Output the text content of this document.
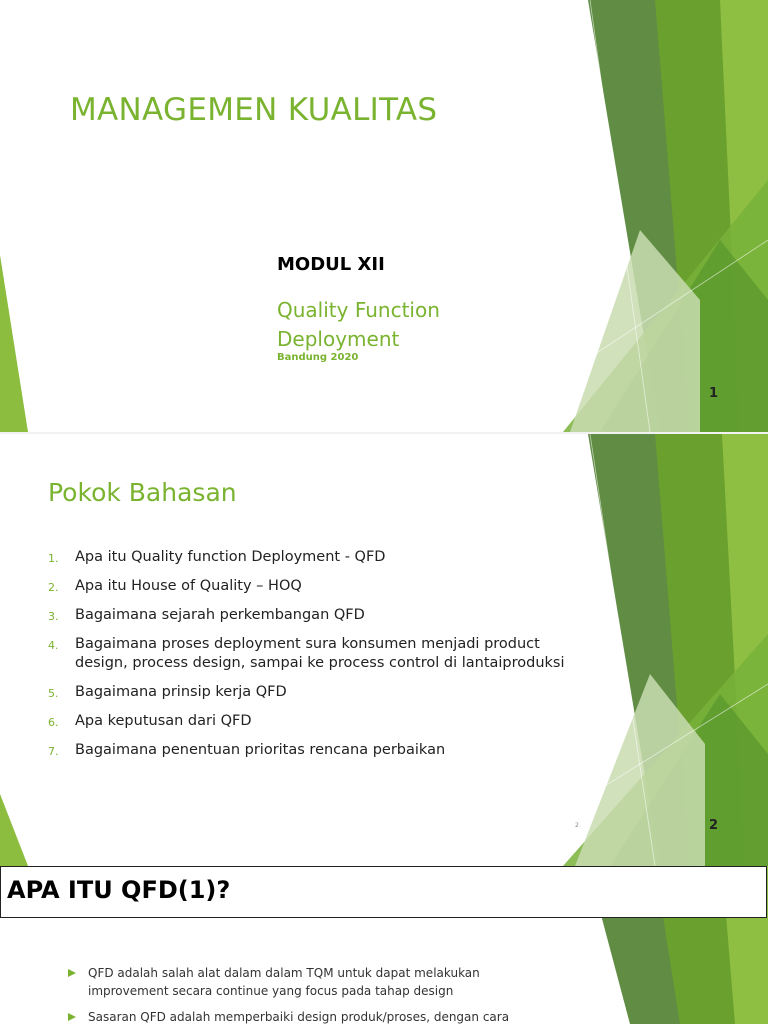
MANAGEMEN KUALITAS
MODUL XII
Quality Function
Deployment
Bandung 2020
1
Pokok Bahasan
Apa itu Quality function Deployment - QFD
Apa itu House of Quality – HOQ
Bagaimana sejarah perkembangan QFD
Bagaimana proses deployment sura konsumen menjadi product design, process design, sampai ke process control di lantaiproduksi
Bagaimana prinsip kerja QFD
Apa keputusan dari QFD
Bagaimana penentuan prioritas rencana perbaikan
2	2
APA ITU QFD(1)?
QFD adalah salah alat dalam dalam TQM untuk dapat melakukan improvement secara continue yang focus pada tahap design
Sasaran QFD adalah memperbaiki design produk/proses, dengan cara
